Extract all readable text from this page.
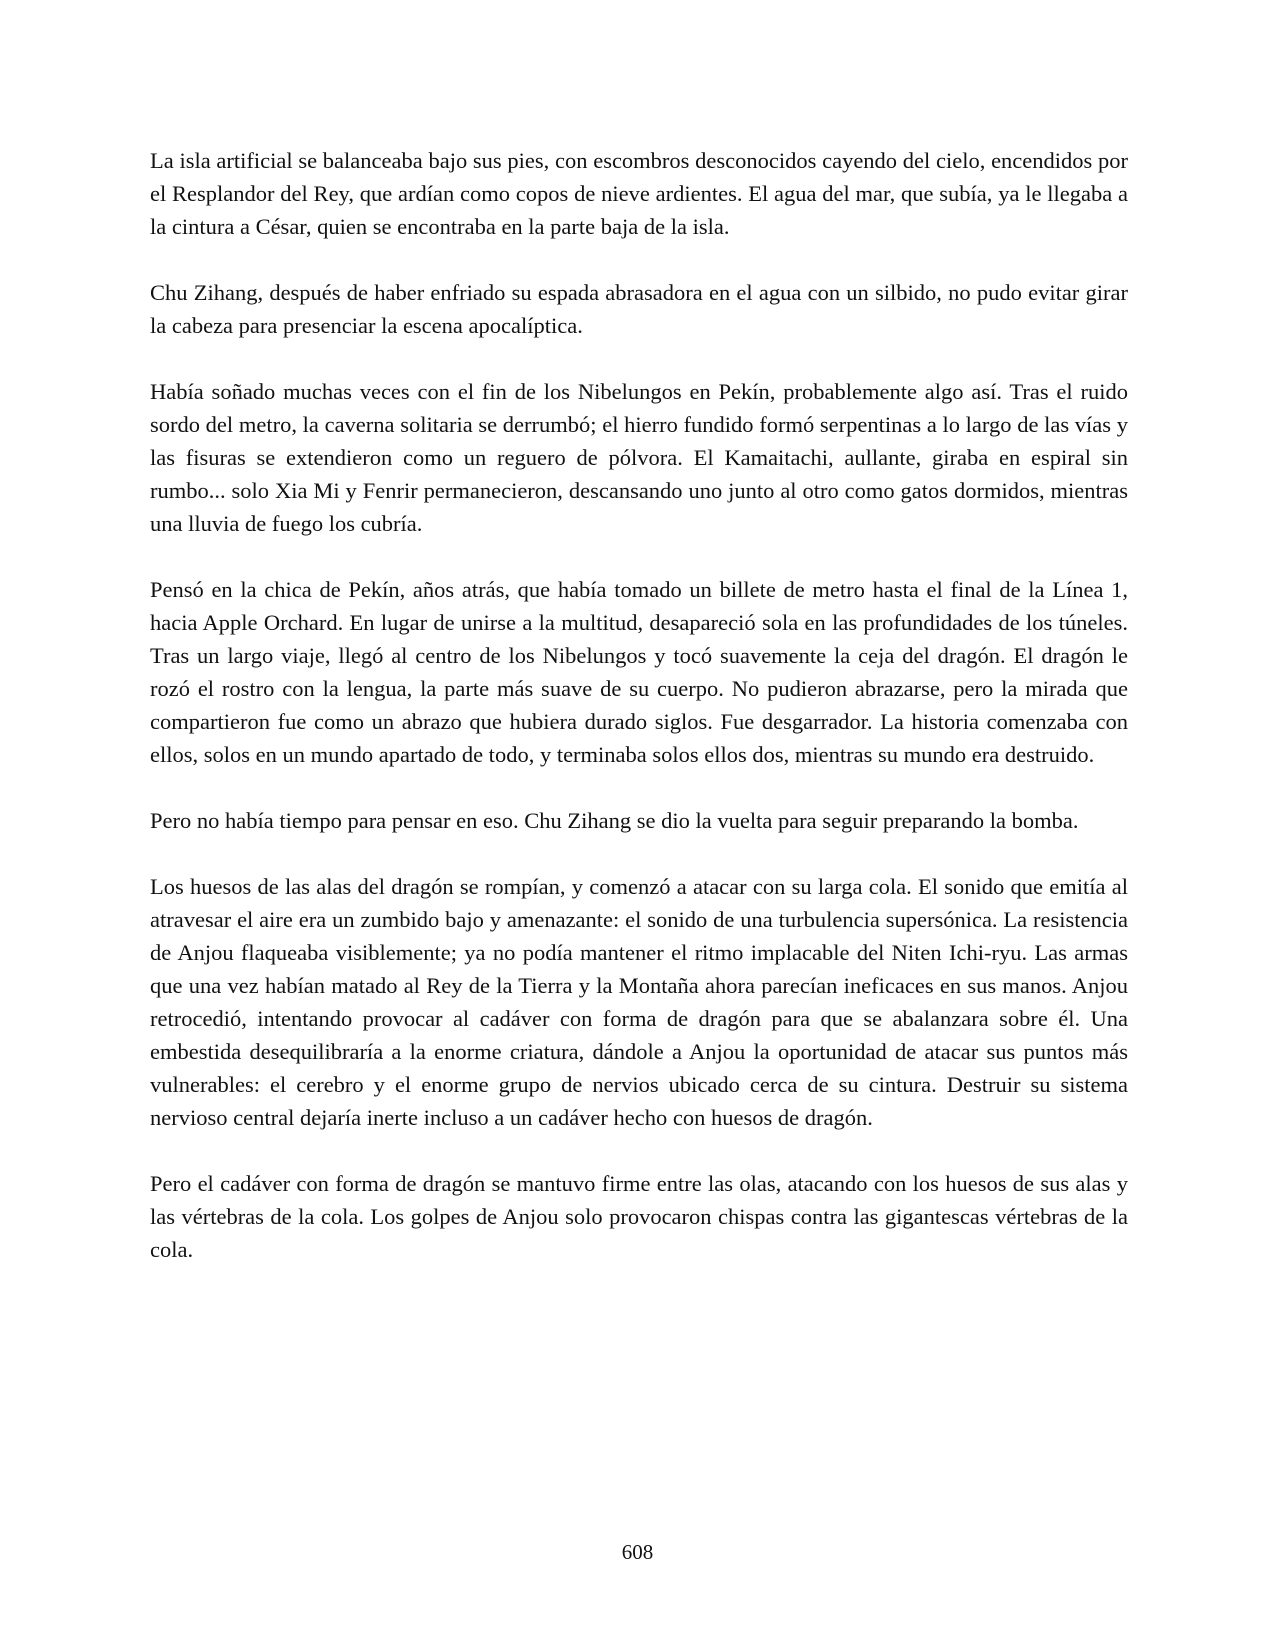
La isla artificial se balanceaba bajo sus pies, con escombros desconocidos cayendo del cielo, encendidos por el Resplandor del Rey, que ardían como copos de nieve ardientes. El agua del mar, que subía, ya le llegaba a la cintura a César, quien se encontraba en la parte baja de la isla.

Chu Zihang, después de haber enfriado su espada abrasadora en el agua con un silbido, no pudo evitar girar la cabeza para presenciar la escena apocalíptica.

Había soñado muchas veces con el fin de los Nibelungos en Pekín, probablemente algo así. Tras el ruido sordo del metro, la caverna solitaria se derrumbó; el hierro fundido formó serpentinas a lo largo de las vías y las fisuras se extendieron como un reguero de pólvora. El Kamaitachi, aullante, giraba en espiral sin rumbo... solo Xia Mi y Fenrir permanecieron, descansando uno junto al otro como gatos dormidos, mientras una lluvia de fuego los cubría.

Pensó en la chica de Pekín, años atrás, que había tomado un billete de metro hasta el final de la Línea 1, hacia Apple Orchard. En lugar de unirse a la multitud, desapareció sola en las profundidades de los túneles. Tras un largo viaje, llegó al centro de los Nibelungos y tocó suavemente la ceja del dragón. El dragón le rozó el rostro con la lengua, la parte más suave de su cuerpo. No pudieron abrazarse, pero la mirada que compartieron fue como un abrazo que hubiera durado siglos. Fue desgarrador. La historia comenzaba con ellos, solos en un mundo apartado de todo, y terminaba solos ellos dos, mientras su mundo era destruido.

Pero no había tiempo para pensar en eso. Chu Zihang se dio la vuelta para seguir preparando la bomba.

Los huesos de las alas del dragón se rompían, y comenzó a atacar con su larga cola. El sonido que emitía al atravesar el aire era un zumbido bajo y amenazante: el sonido de una turbulencia supersónica. La resistencia de Anjou flaqueaba visiblemente; ya no podía mantener el ritmo implacable del Niten Ichi-ryu. Las armas que una vez habían matado al Rey de la Tierra y la Montaña ahora parecían ineficaces en sus manos. Anjou retrocedió, intentando provocar al cadáver con forma de dragón para que se abalanzara sobre él. Una embestida desequilibraría a la enorme criatura, dándole a Anjou la oportunidad de atacar sus puntos más vulnerables: el cerebro y el enorme grupo de nervios ubicado cerca de su cintura. Destruir su sistema nervioso central dejaría inerte incluso a un cadáver hecho con huesos de dragón.

Pero el cadáver con forma de dragón se mantuvo firme entre las olas, atacando con los huesos de sus alas y las vértebras de la cola. Los golpes de Anjou solo provocaron chispas contra las gigantescas vértebras de la cola.

608
